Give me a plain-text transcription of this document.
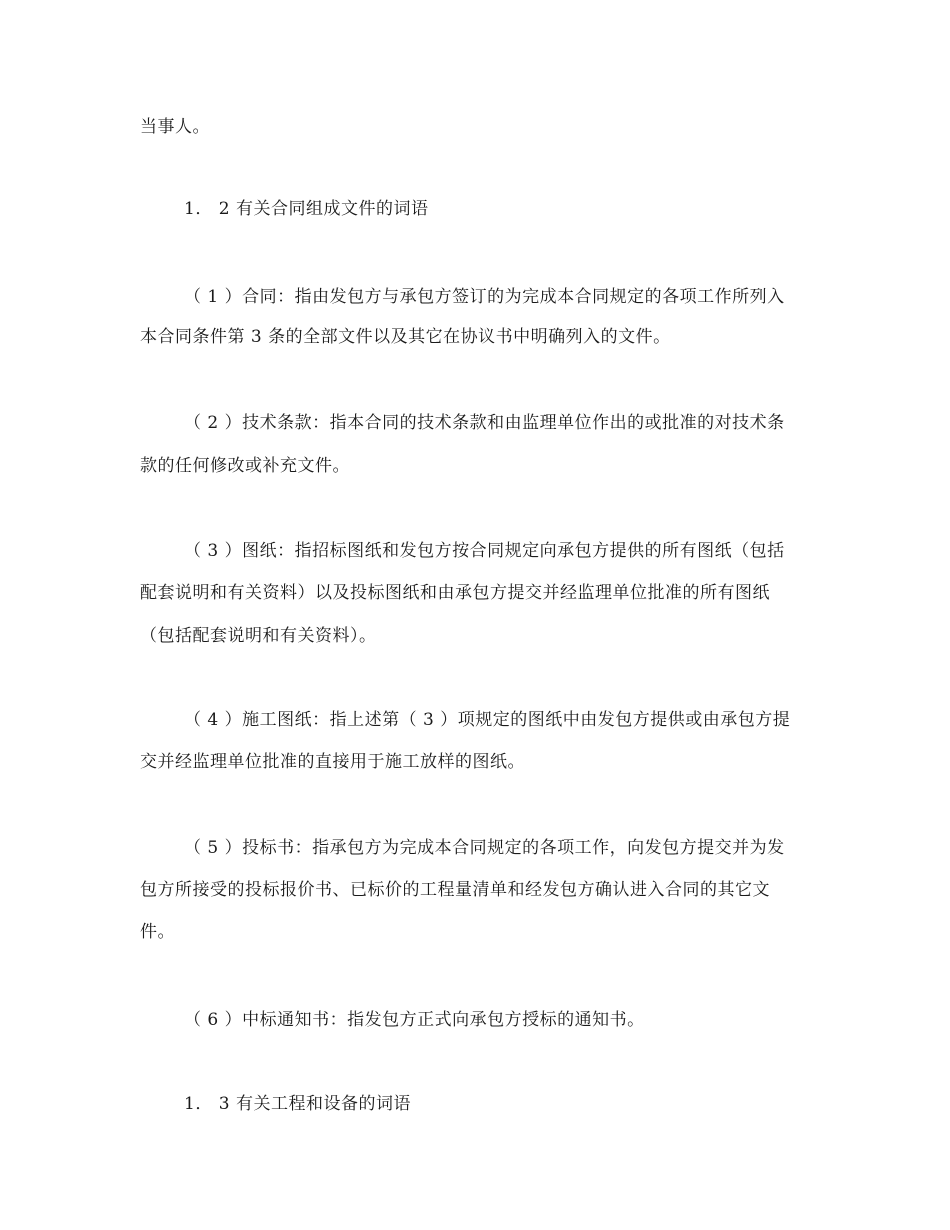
当事人。
1． 2 有关合同组成文件的词语
（ 1 ）合同：指由发包方与承包方签订的为完成本合同规定的各项工作所列入
本合同条件第 3 条的全部文件以及其它在协议书中明确列入的文件。
（ 2 ）技术条款：指本合同的技术条款和由监理单位作出的或批准的对技术条
款的任何修改或补充文件。
（ 3 ）图纸：指招标图纸和发包方按合同规定向承包方提供的所有图纸（包括
配套说明和有关资料）以及投标图纸和由承包方提交并经监理单位批准的所有图纸
（包括配套说明和有关资料）。
（ 4 ）施工图纸：指上述第（ 3 ）项规定的图纸中由发包方提供或由承包方提
交并经监理单位批准的直接用于施工放样的图纸。
（ 5 ）投标书：指承包方为完成本合同规定的各项工作，向发包方提交并为发
包方所接受的投标报价书、已标价的工程量清单和经发包方确认进入合同的其它文
件。
（ 6 ）中标通知书：指发包方正式向承包方授标的通知书。
1． 3 有关工程和设备的词语
